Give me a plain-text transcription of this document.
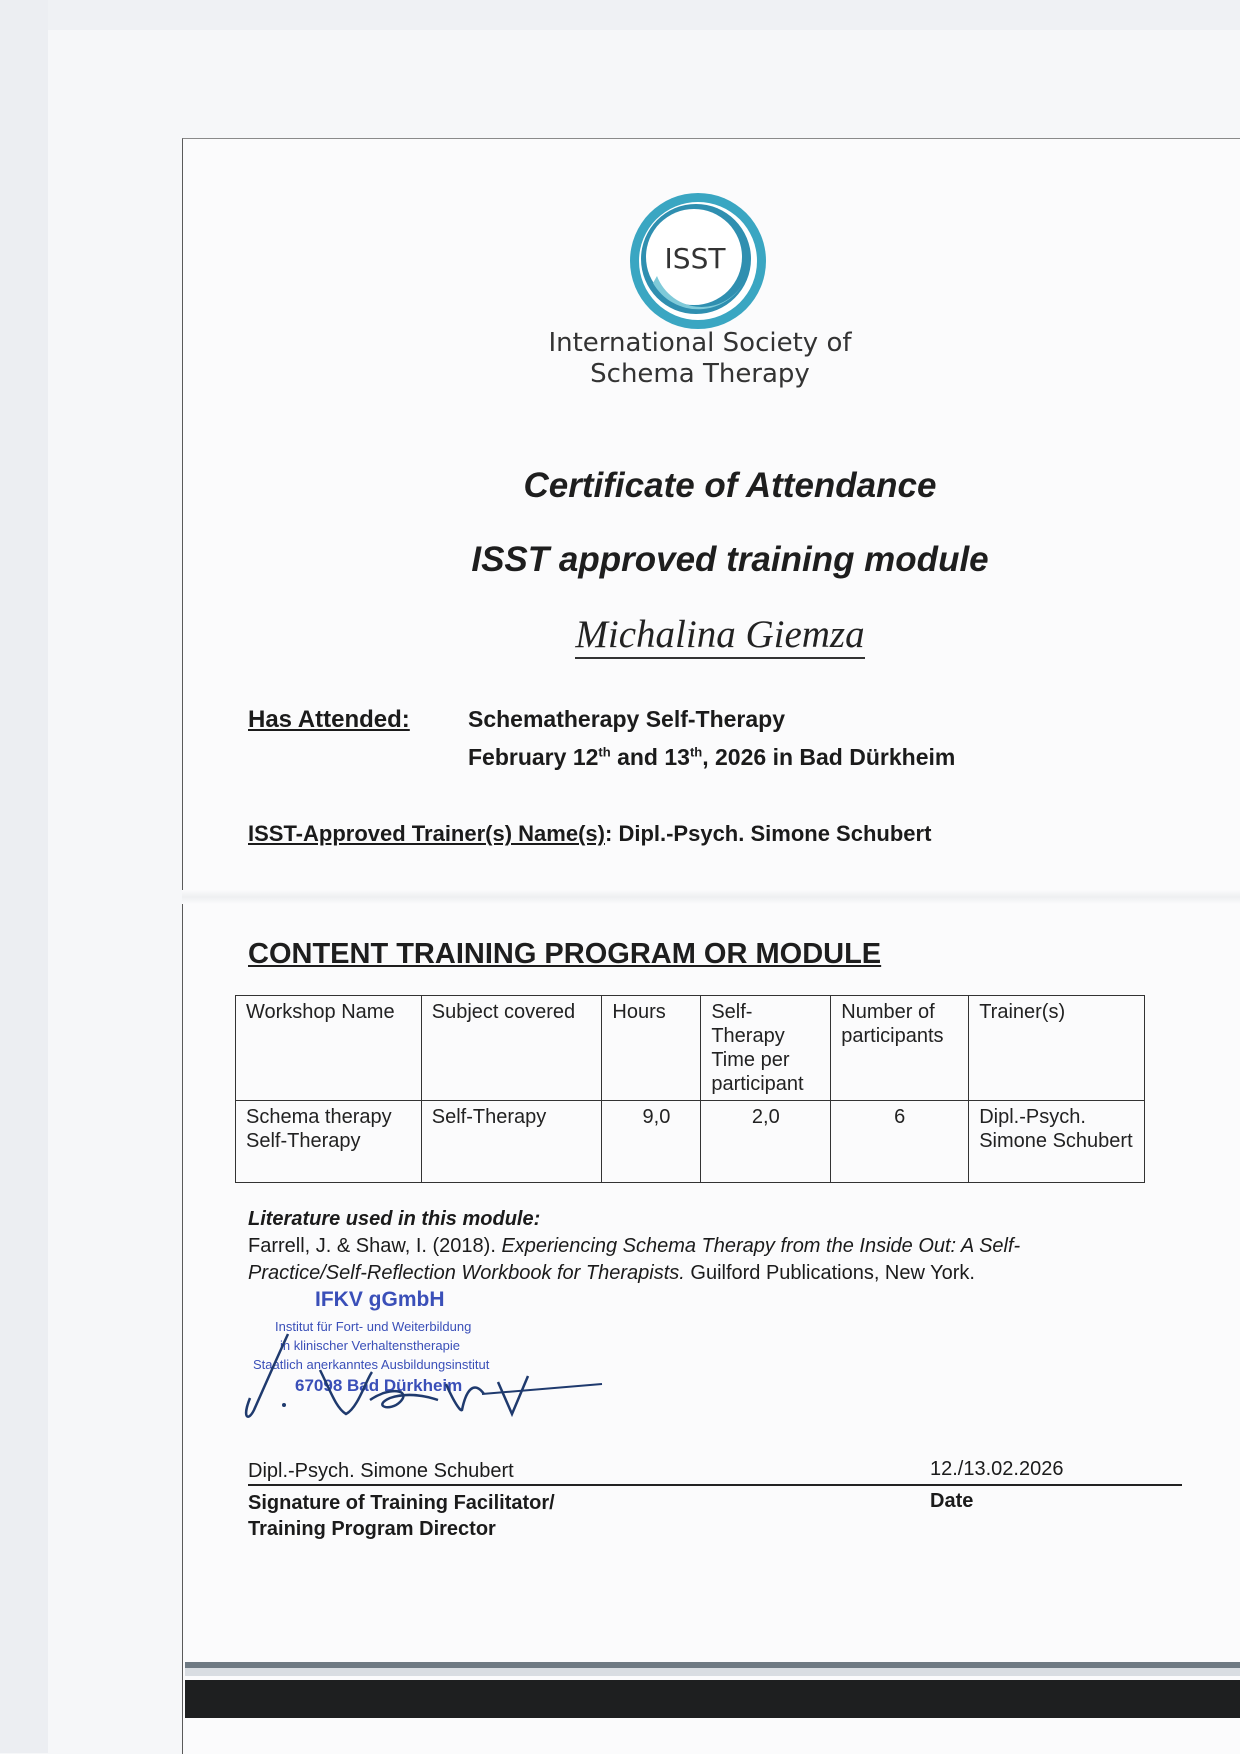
ISST
International Society of
Schema Therapy
Certificate of Attendance
ISST approved training module
Michalina Giemza
Has Attended:	Schematherapy Self-Therapy
February 12th and 13th, 2026 in Bad Dürkheim
ISST-Approved Trainer(s) Name(s): Dipl.-Psych. Simone Schubert
CONTENT TRAINING PROGRAM OR MODULE
Workshop Name	Subject covered	Hours	Self-Therapy Time per participant	Number of participants	Trainer(s)
Schema therapy Self-Therapy	Self-Therapy	9,0	2,0	6	Dipl.-Psych. Simone Schubert
Literature used in this module:
Farrell, J. & Shaw, I. (2018). Experiencing Schema Therapy from the Inside Out: A Self-Practice/Self-Reflection Workbook for Therapists. Guilford Publications, New York.
IFKV gGmbH
Institut für Fort- und Weiterbildung
in klinischer Verhaltenstherapie
Staatlich anerkanntes Ausbildungsinstitut
67098 Bad Dürkheim
Dipl.-Psych. Simone Schubert	12./13.02.2026
Signature of Training Facilitator/
Training Program Director
Date
